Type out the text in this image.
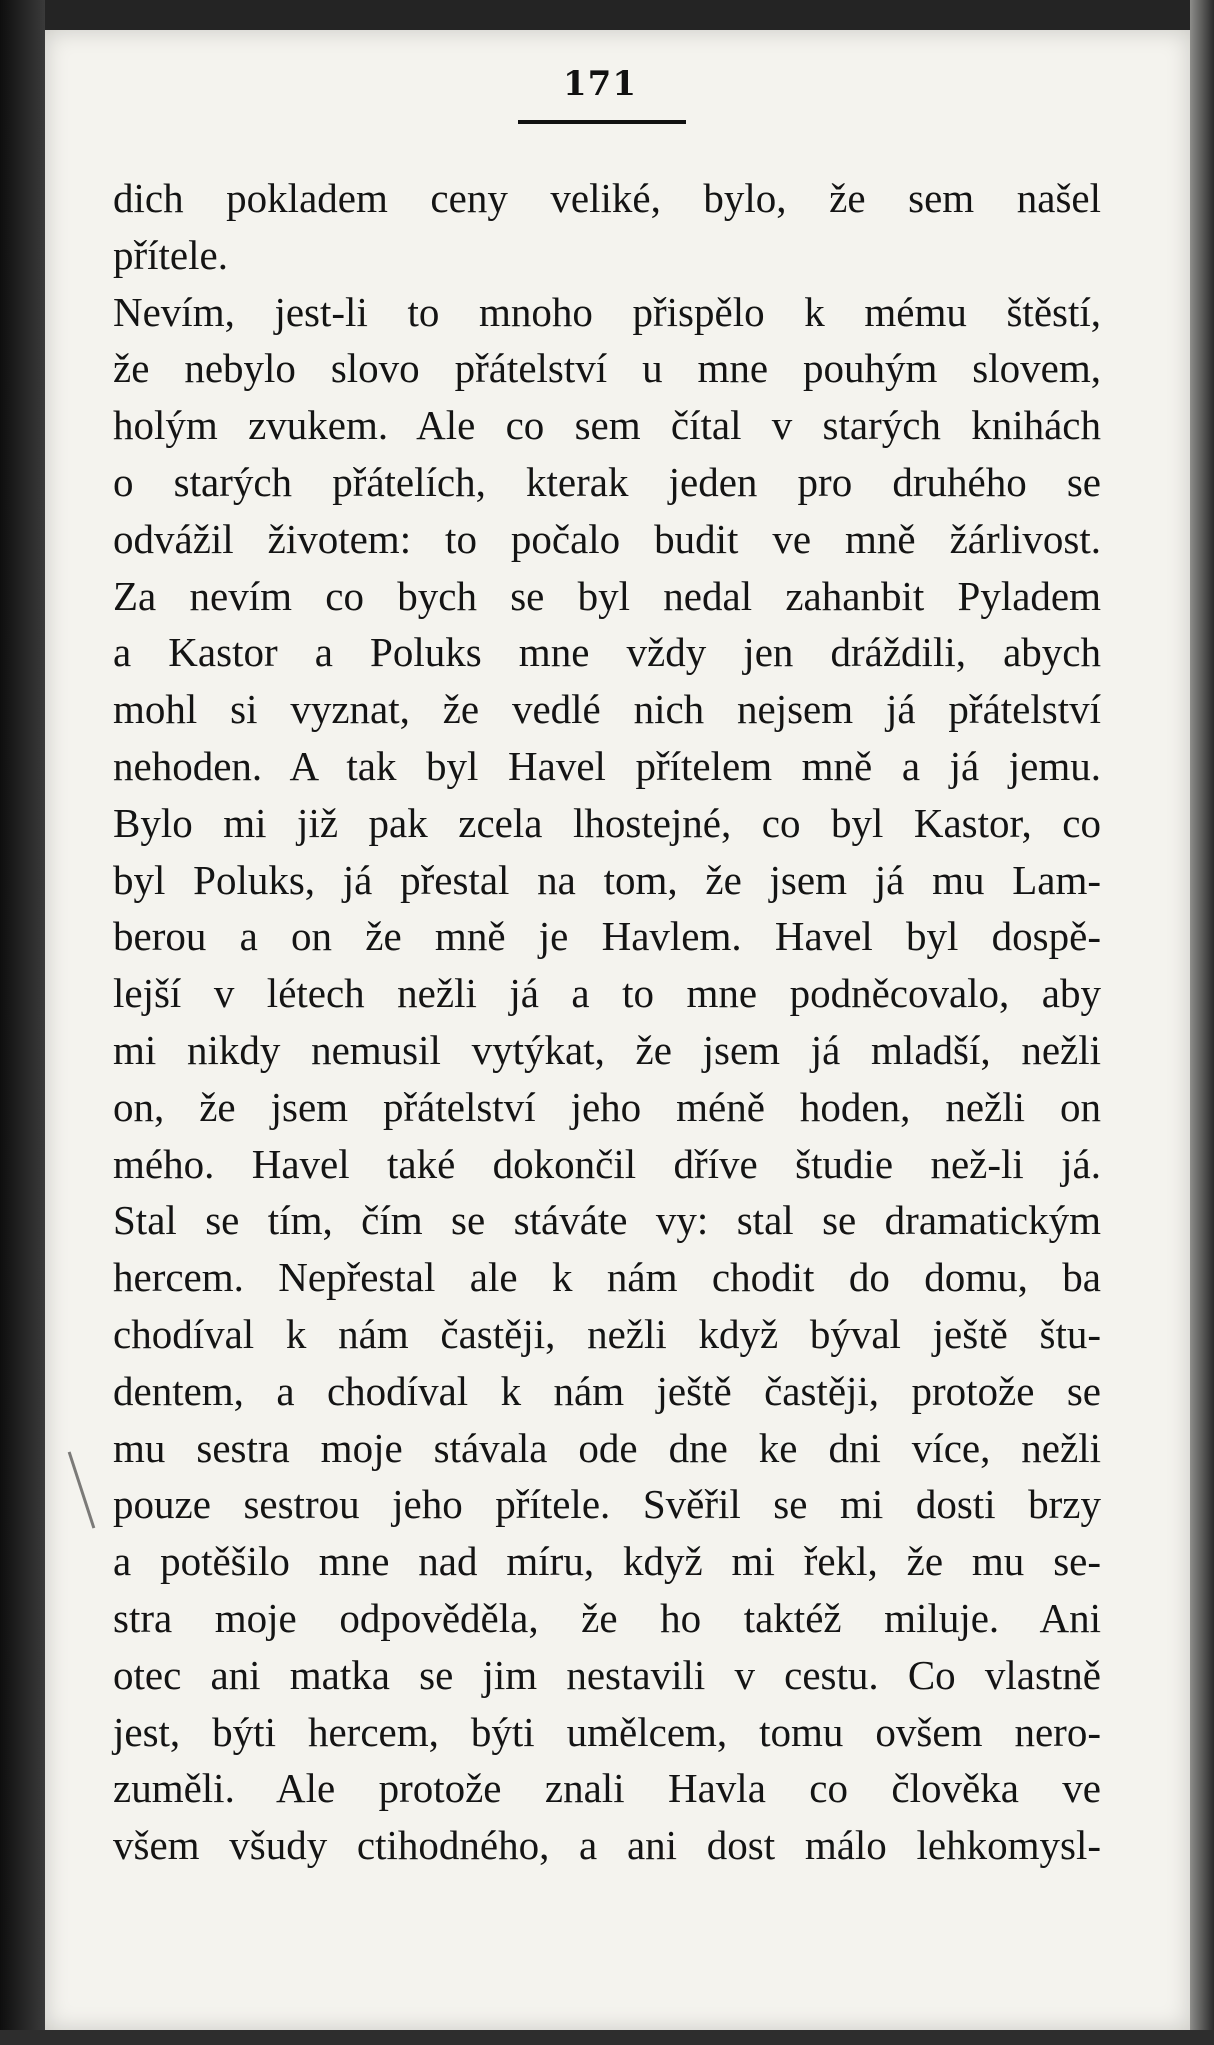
171
dich pokladem ceny veliké, bylo, že sem našel
přítele.
Nevím, jest-li to mnoho přispělo k mému štěstí,
že nebylo slovo přátelství u mne pouhým slovem,
holým zvukem. Ale co sem čítal v starých knihách
o starých přátelích, kterak jeden pro druhého se
odvážil životem: to počalo budit ve mně žárlivost.
Za nevím co bych se byl nedal zahanbit Pyladem
a Kastor a Poluks mne vždy jen dráždili, abych
mohl si vyznat, že vedlé nich nejsem já přátelství
nehoden. A tak byl Havel přítelem mně a já jemu.
Bylo mi již pak zcela lhostejné, co byl Kastor, co
byl Poluks, já přestal na tom, že jsem já mu Lam-
berou a on že mně je Havlem. Havel byl dospě-
lejší v létech nežli já a to mne podněcovalo, aby
mi nikdy nemusil vytýkat, že jsem já mladší, nežli
on, že jsem přátelství jeho méně hoden, nežli on
mého. Havel také dokončil dříve študie než-li já.
Stal se tím, čím se stáváte vy: stal se dramatickým
hercem. Nepřestal ale k nám chodit do domu, ba
chodíval k nám častěji, nežli když býval ještě štu-
dentem, a chodíval k nám ještě častěji, protože se
mu sestra moje stávala ode dne ke dni více, nežli
pouze sestrou jeho přítele. Svěřil se mi dosti brzy
a potěšilo mne nad míru, když mi řekl, že mu se-
stra moje odpověděla, že ho taktéž miluje. Ani
otec ani matka se jim nestavili v cestu. Co vlastně
jest, býti hercem, býti umělcem, tomu ovšem nero-
zuměli. Ale protože znali Havla co člověka ve
všem všudy ctihodného, a ani dost málo lehkomysl-
